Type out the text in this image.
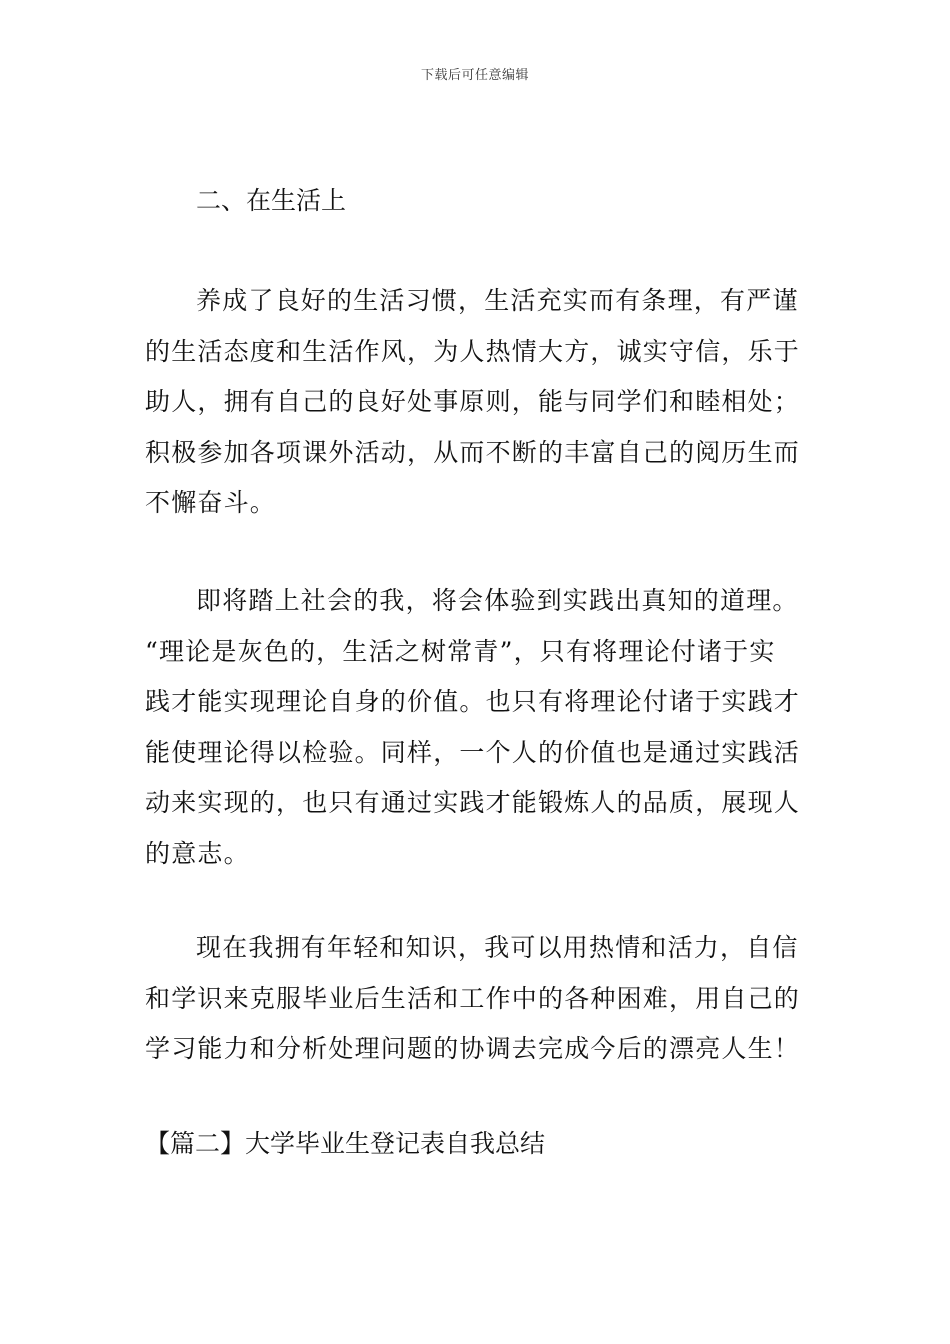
下载后可任意编辑
二、在生活上
养成了良好的生活习惯，生活充实而有条理，有严谨
的生活态度和生活作风，为人热情大方，诚实守信，乐于
助人，拥有自己的良好处事原则，能与同学们和睦相处；
积极参加各项课外活动，从而不断的丰富自己的阅历生而
不懈奋斗。
即将踏上社会的我，将会体验到实践出真知的道理。
“理论是灰色的，生活之树常青”，只有将理论付诸于实
践才能实现理论自身的价值。也只有将理论付诸于实践才
能使理论得以检验。同样，一个人的价值也是通过实践活
动来实现的，也只有通过实践才能锻炼人的品质，展现人
的意志。
现在我拥有年轻和知识，我可以用热情和活力，自信
和学识来克服毕业后生活和工作中的各种困难，用自己的
学习能力和分析处理问题的协调去完成今后的漂亮人生！
【篇二】大学毕业生登记表自我总结
